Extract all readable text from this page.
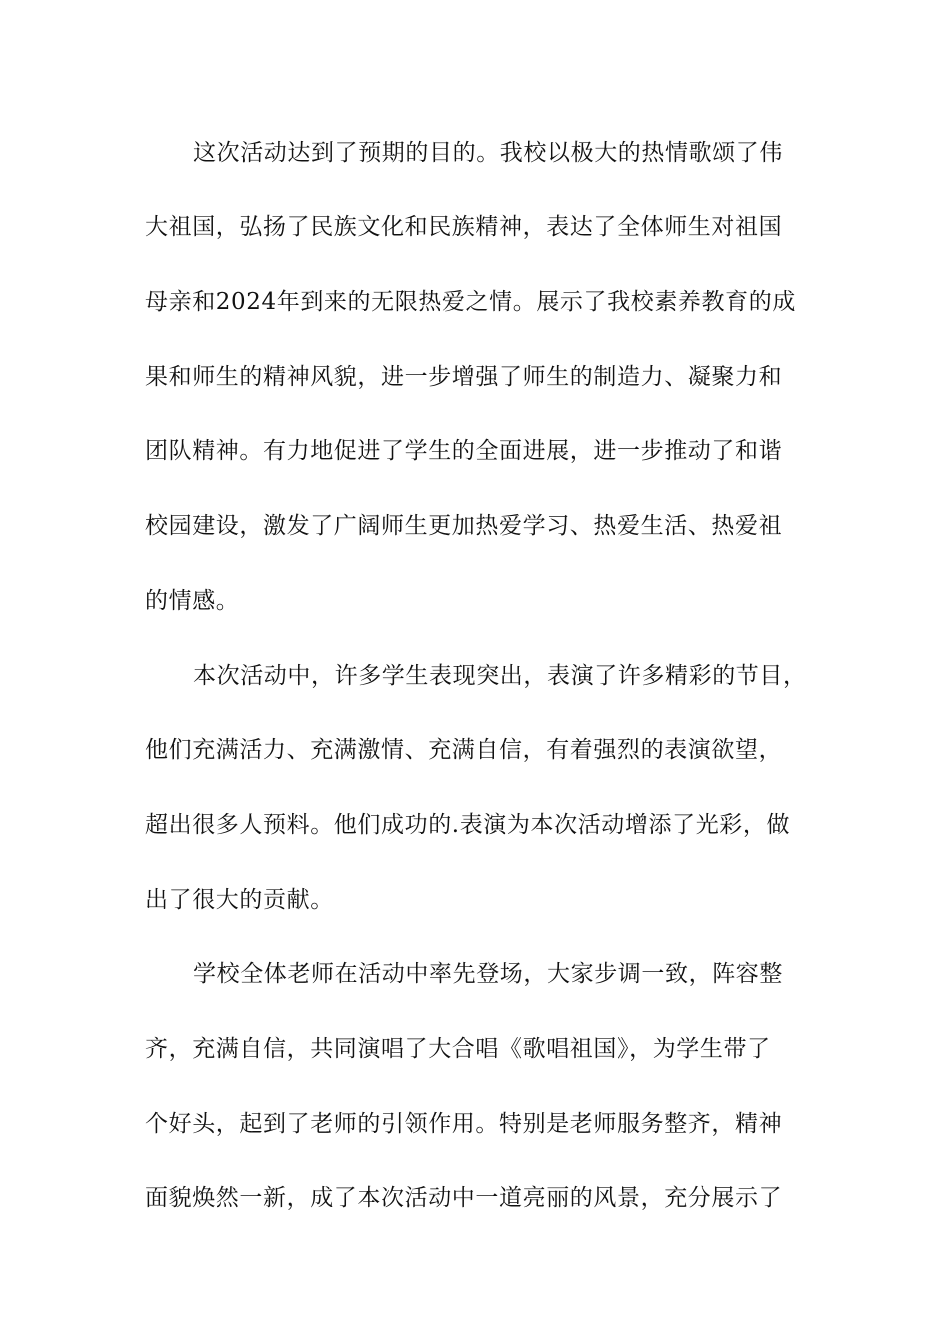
这次活动达到了预期的目的。我校以极大的热情歌颂了伟
大祖国，弘扬了民族文化和民族精神，表达了全体师生对祖国
母亲和2024年到来的无限热爱之情。展示了我校素养教育的成
果和师生的精神风貌，进一步增强了师生的制造力、凝聚力和
团队精神。有力地促进了学生的全面进展，进一步推动了和谐
校园建设，激发了广阔师生更加热爱学习、热爱生活、热爱祖
的情感。
本次活动中，许多学生表现突出，表演了许多精彩的节目，
他们充满活力、充满激情、充满自信，有着强烈的表演欲望，
超出很多人预料。他们成功的.表演为本次活动增添了光彩，做
出了很大的贡献。
学校全体老师在活动中率先登场，大家步调一致，阵容整
齐，充满自信，共同演唱了大合唱《歌唱祖国》，为学生带了
个好头，起到了老师的引领作用。特别是老师服务整齐，精神
面貌焕然一新，成了本次活动中一道亮丽的风景，充分展示了
